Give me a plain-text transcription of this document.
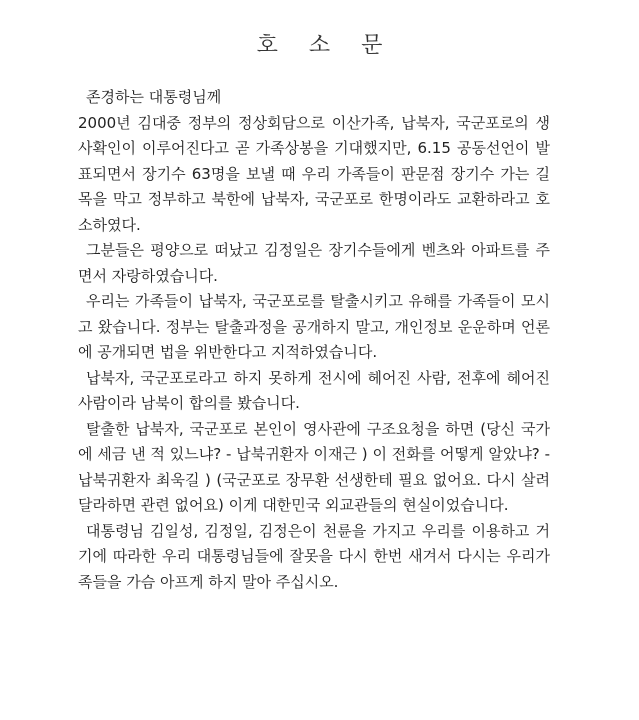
호 소 문

존경하는 대통령님께

2000년 김대중 정부의 정상회담으로 이산가족, 납북자, 국군포로의 생사확인이 이루어진다고 곧 가족상봉을 기대했지만, 6.15 공동선언이 발표되면서 장기수 63명을 보낼 때 우리 가족들이 판문점 장기수 가는 길목을 막고 정부하고 북한에 납북자, 국군포로 한명이라도 교환하라고 호소하였다.

그분들은 평양으로 떠났고 김정일은 장기수들에게 벤츠와 아파트를 주면서 자랑하였습니다.

우리는 가족들이 납북자, 국군포로를 탈출시키고 유해를 가족들이 모시고 왔습니다. 정부는 탈출과정을 공개하지 말고, 개인정보 운운하며 언론에 공개되면 법을 위반한다고 지적하였습니다.

납북자, 국군포로라고 하지 못하게 전시에 헤어진 사람, 전후에 헤어진 사람이라 남북이 합의를 봤습니다.

탈출한 납북자, 국군포로 본인이 영사관에 구조요청을 하면 (당신 국가에 세금 낸 적 있느냐? - 납북귀환자 이재근 ) 이 전화를 어떻게 알았냐? - 납북귀환자 최욱길 ) (국군포로 장무환 선생한테 필요 없어요. 다시 살려 달라하면 관련 없어요) 이게 대한민국 외교관들의 현실이었습니다.

대통령님 김일성, 김정일, 김정은이 천륜을 가지고 우리를 이용하고 거기에 따라한 우리 대통령님들에 잘못을 다시 한번 새겨서 다시는 우리가족들을 가슴 아프게 하지 말아 주십시오.
